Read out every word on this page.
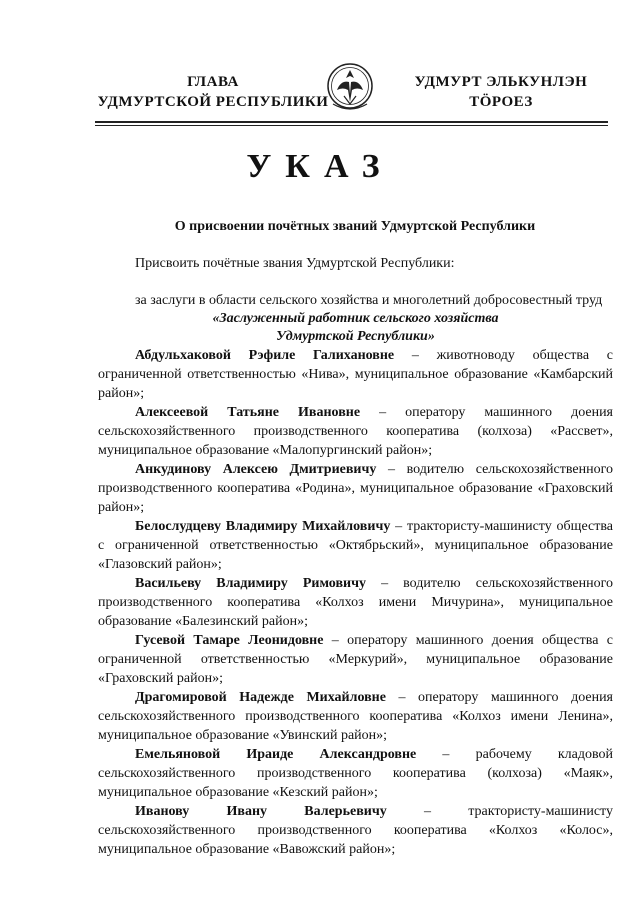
ГЛАВА
УДМУРТСКОЙ РЕСПУБЛИКИ
УДМУРТ ЭЛЬКУНЛЭН
ТӦРОЕЗ
УКАЗ
О присвоении почётных званий Удмуртской Республики
Присвоить почётные звания Удмуртской Республики:

за заслуги в области сельского хозяйства и многолетний добросовестный труд

«Заслуженный работник сельского хозяйства
Удмуртской Республики»

Абдульхаковой Рэфиле Галихановне – животноводу общества с ограниченной ответственностью «Нива», муниципальное образование «Камбарский район»;

Алексеевой Татьяне Ивановне – оператору машинного доения сельскохозяйственного производственного кооператива (колхоза) «Рассвет», муниципальное образование «Малопургинский район»;

Анкудинову Алексею Дмитриевичу – водителю сельскохозяйственного производственного кооператива «Родина», муниципальное образование «Граховский район»;

Белослудцеву Владимиру Михайловичу – трактористу-машинисту общества с ограниченной ответственностью «Октябрьский», муниципальное образование «Глазовский район»;

Васильеву Владимиру Римовичу – водителю сельскохозяйственного производственного кооператива «Колхоз имени Мичурина», муниципальное образование «Балезинский район»;

Гусевой Тамаре Леонидовне – оператору машинного доения общества с ограниченной ответственностью «Меркурий», муниципальное образование «Граховский район»;

Драгомировой Надежде Михайловне – оператору машинного доения сельскохозяйственного производственного кооператива «Колхоз имени Ленина», муниципальное образование «Увинский район»;

Емельяновой Ираиде Александровне – рабочему кладовой сельскохозяйственного производственного кооператива (колхоза) «Маяк», муниципальное образование «Кезский район»;

Иванову Ивану Валерьевичу – трактористу-машинисту сельскохозяйственного производственного кооператива «Колхоз «Колос», муниципальное образование «Вавожский район»;
